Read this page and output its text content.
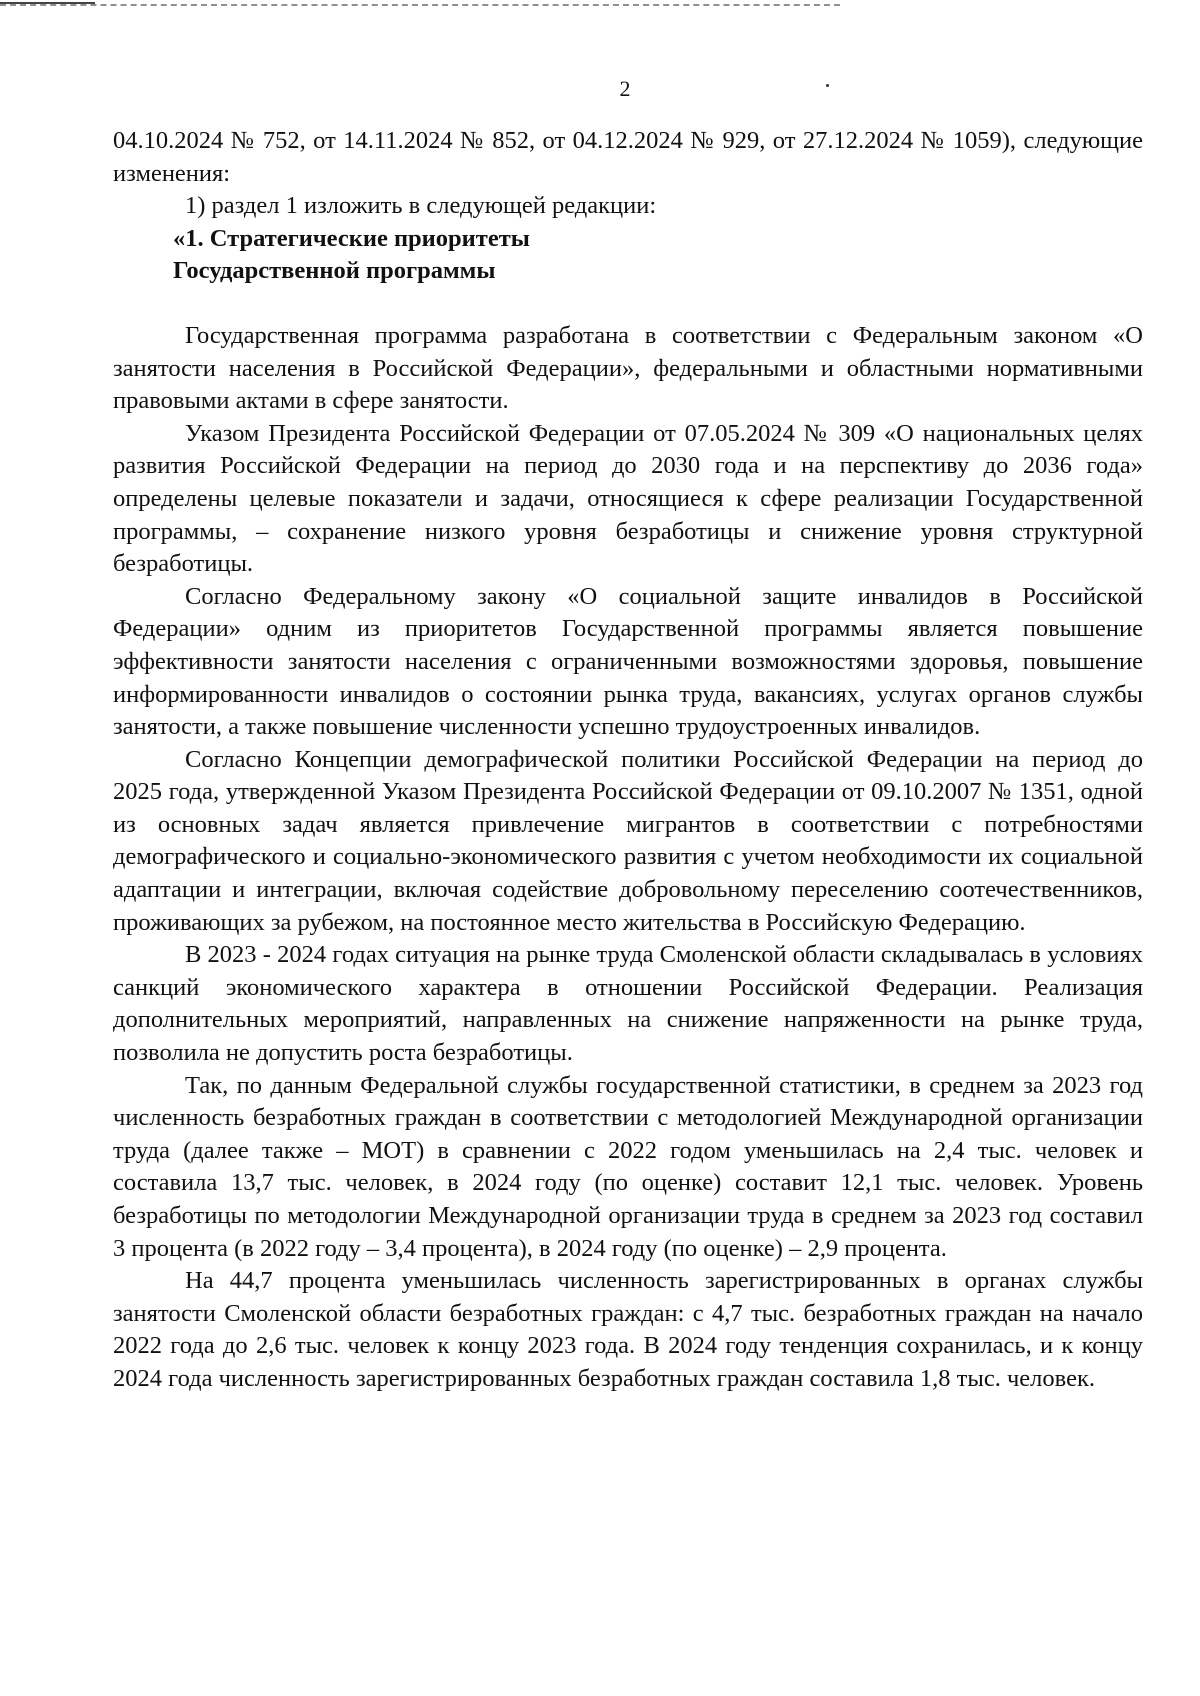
2

04.10.2024 № 752, от 14.11.2024 № 852, от 04.12.2024 № 929, от 27.12.2024 № 1059), следующие изменения:

1) раздел 1 изложить в следующей редакции:

«1. Стратегические приоритеты

Государственной программы

Государственная программа разработана в соответствии с Федеральным законом «О занятости населения в Российской Федерации», федеральными и областными нормативными правовыми актами в сфере занятости.

Указом Президента Российской Федерации от 07.05.2024 № 309 «О национальных целях развития Российской Федерации на период до 2030 года и на перспективу до 2036 года» определены целевые показатели и задачи, относящиеся к сфере реализации Государственной программы, – сохранение низкого уровня безработицы и снижение уровня структурной безработицы.

Согласно Федеральному закону «О социальной защите инвалидов в Российской Федерации» одним из приоритетов Государственной программы является повышение эффективности занятости населения с ограниченными возможностями здоровья, повышение информированности инвалидов о состоянии рынка труда, вакансиях, услугах органов службы занятости, а также повышение численности успешно трудоустроенных инвалидов.

Согласно Концепции демографической политики Российской Федерации на период до 2025 года, утвержденной Указом Президента Российской Федерации от 09.10.2007 № 1351, одной из основных задач является привлечение мигрантов в соответствии с потребностями демографического и социально-экономического развития с учетом необходимости их социальной адаптации и интеграции, включая содействие добровольному переселению соотечественников, проживающих за рубежом, на постоянное место жительства в Российскую Федерацию.

В 2023 - 2024 годах ситуация на рынке труда Смоленской области складывалась в условиях санкций экономического характера в отношении Российской Федерации. Реализация дополнительных мероприятий, направленных на снижение напряженности на рынке труда, позволила не допустить роста безработицы.

Так, по данным Федеральной службы государственной статистики, в среднем за 2023 год численность безработных граждан в соответствии с методологией Международной организации труда (далее также – МОТ) в сравнении с 2022 годом уменьшилась на 2,4 тыс. человек и составила 13,7 тыс. человек, в 2024 году (по оценке) составит 12,1 тыс. человек. Уровень безработицы по методологии Международной организации труда в среднем за 2023 год составил 3 процента (в 2022 году – 3,4 процента), в 2024 году (по оценке) – 2,9 процента.

На 44,7 процента уменьшилась численность зарегистрированных в органах службы занятости Смоленской области безработных граждан: с 4,7 тыс. безработных граждан на начало 2022 года до 2,6 тыс. человек к концу 2023 года. В 2024 году тенденция сохранилась, и к концу 2024 года численность зарегистрированных безработных граждан составила 1,8 тыс. человек.
